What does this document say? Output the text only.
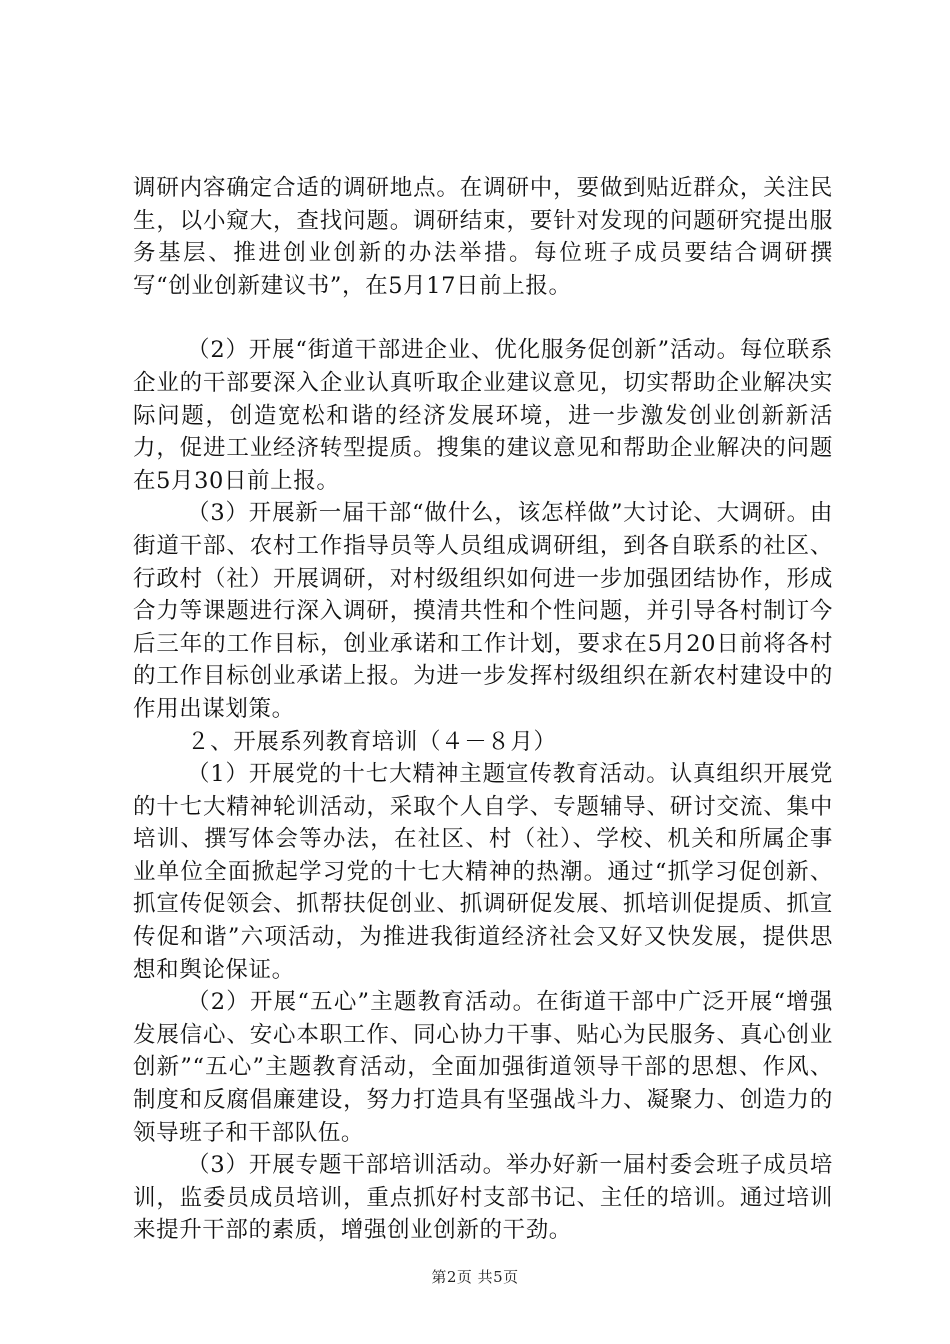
调研内容确定合适的调研地点。在调研中，要做到贴近群众，关注民生，以小窥大，查找问题。调研结束，要针对发现的问题研究提出服务基层、推进创业创新的办法举措。每位班子成员要结合调研撰写“创业创新建议书”，在5月17日前上报。

（2）开展“街道干部进企业、优化服务促创新”活动。每位联系企业的干部要深入企业认真听取企业建议意见，切实帮助企业解决实际问题，创造宽松和谐的经济发展环境，进一步激发创业创新新活力，促进工业经济转型提质。搜集的建议意见和帮助企业解决的问题在5月30日前上报。

（3）开展新一届干部“做什么，该怎样做”大讨论、大调研。由街道干部、农村工作指导员等人员组成调研组，到各自联系的社区、行政村（社）开展调研，对村级组织如何进一步加强团结协作，形成合力等课题进行深入调研，摸清共性和个性问题，并引导各村制订今后三年的工作目标，创业承诺和工作计划，要求在5月20日前将各村的工作目标创业承诺上报。为进一步发挥村级组织在新农村建设中的作用出谋划策。

２、开展系列教育培训（４－８月）

（1）开展党的十七大精神主题宣传教育活动。认真组织开展党的十七大精神轮训活动，采取个人自学、专题辅导、研讨交流、集中培训、撰写体会等办法，在社区、村（社）、学校、机关和所属企事业单位全面掀起学习党的十七大精神的热潮。通过“抓学习促创新、抓宣传促领会、抓帮扶促创业、抓调研促发展、抓培训促提质、抓宣传促和谐”六项活动，为推进我街道经济社会又好又快发展，提供思想和舆论保证。

（2）开展“五心”主题教育活动。在街道干部中广泛开展“增强发展信心、安心本职工作、同心协力干事、贴心为民服务、真心创业创新”“五心”主题教育活动，全面加强街道领导干部的思想、作风、制度和反腐倡廉建设，努力打造具有坚强战斗力、凝聚力、创造力的领导班子和干部队伍。

（3）开展专题干部培训活动。举办好新一届村委会班子成员培训，监委员成员培训，重点抓好村支部书记、主任的培训。通过培训来提升干部的素质，增强创业创新的干劲。

第2页 共5页
